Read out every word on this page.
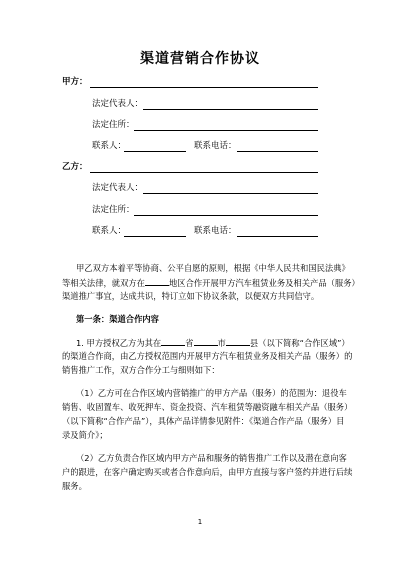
渠道营销合作协议
甲方：
法定代表人：
法定住所：
联系人：	联系电话：
乙方：
法定代表人：
法定住所：
联系人：	联系电话：
甲乙双方本着平等协商、公平自愿的原则，根据《中华人民共和国民法典》
等相关法律，就双方在	地区合作开展甲方汽车租赁业务及相关产品（服务）
渠道推广事宜，达成共识，特订立如下协议条款，以便双方共同信守。
第一条：渠道合作内容
1. 甲方授权乙方为其在	省	市	县（以下简称“合作区域”）
的渠道合作商，由乙方授权范围内开展甲方汽车租赁业务及相关产品（服务）的
销售推广工作，双方合作分工与细则如下：
（1）乙方可在合作区域内营销推广的甲方产品（服务）的范围为：退役车
销售、收固置车、收死押车、资金投资、汽车租赁等融资融车相关产品（服务）
（以下简称“合作产品”），具体产品详情参见附件：《渠道合作产品（服务）目
录及简介》；
（2）乙方负责合作区域内甲方产品和服务的销售推广工作以及潜在意向客
户的跟进，在客户确定购买或者合作意向后，由甲方直接与客户签约并进行后续
服务。
1
